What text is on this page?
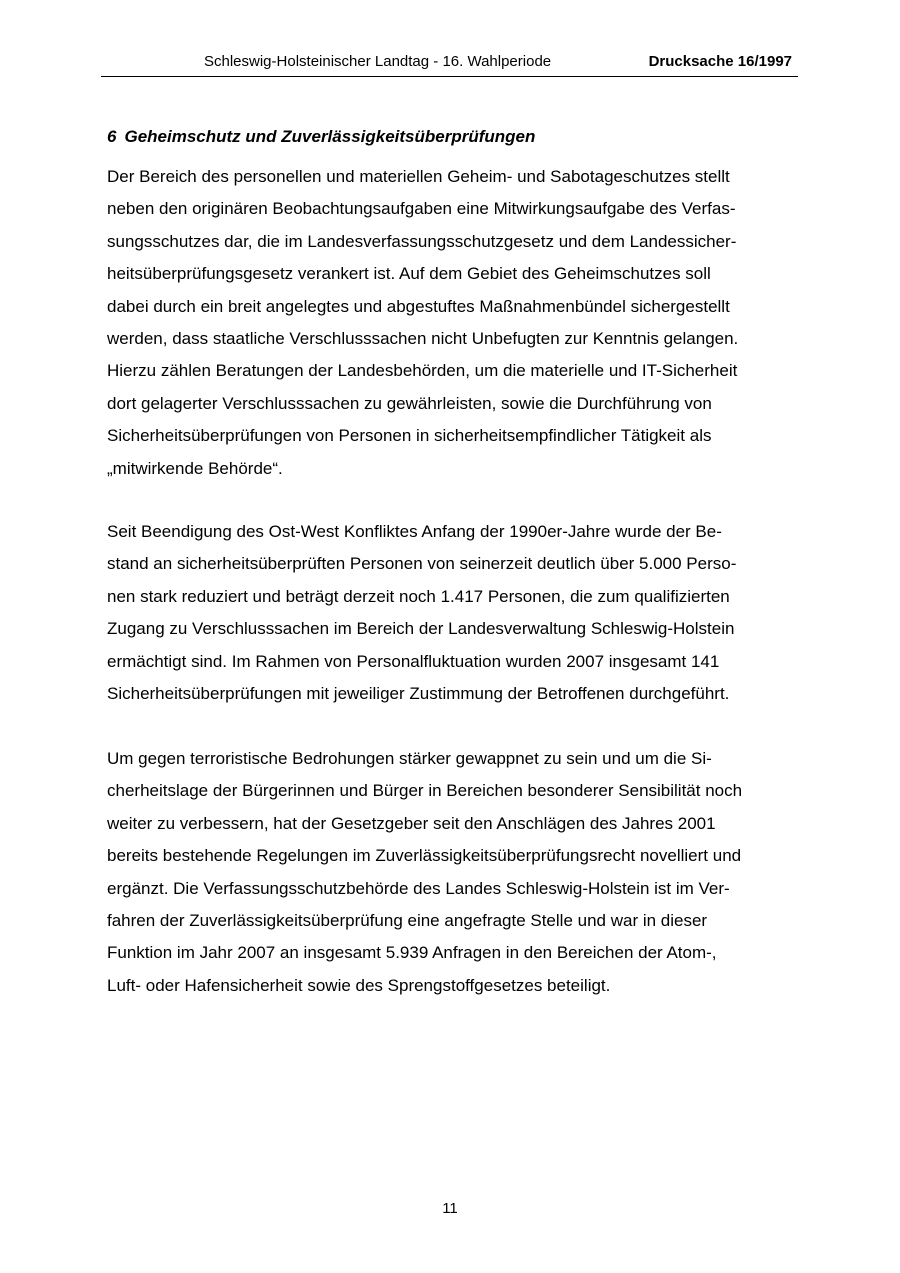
Schleswig-Holsteinischer Landtag - 16. Wahlperiode	Drucksache 16/1997
6 Geheimschutz und Zuverlässigkeitsüberprüfungen
Der Bereich des personellen und materiellen Geheim- und Sabotageschutzes stellt
neben den originären Beobachtungsaufgaben eine Mitwirkungsaufgabe des Verfas-
sungsschutzes dar, die im Landesverfassungsschutzgesetz und dem Landessicher-
heitsüberprüfungsgesetz verankert ist. Auf dem Gebiet des Geheimschutzes soll
dabei durch ein breit angelegtes und abgestuftes Maßnahmenbündel sichergestellt
werden, dass staatliche Verschlusssachen nicht Unbefugten zur Kenntnis gelangen.
Hierzu zählen Beratungen der Landesbehörden, um die materielle und IT-Sicherheit
dort gelagerter Verschlusssachen zu gewährleisten, sowie die Durchführung von
Sicherheitsüberprüfungen von Personen in sicherheitsempfindlicher Tätigkeit als
„mitwirkende Behörde“.
Seit Beendigung des Ost-West Konfliktes Anfang der 1990er-Jahre wurde der Be-
stand an sicherheitsüberprüften Personen von seinerzeit deutlich über 5.000 Perso-
nen stark reduziert und beträgt derzeit noch 1.417 Personen, die zum qualifizierten
Zugang zu Verschlusssachen im Bereich der Landesverwaltung Schleswig-Holstein
ermächtigt sind. Im Rahmen von Personalfluktuation wurden 2007 insgesamt 141
Sicherheitsüberprüfungen mit jeweiliger Zustimmung der Betroffenen durchgeführt.
Um gegen terroristische Bedrohungen stärker gewappnet zu sein und um die Si-
cherheitslage der Bürgerinnen und Bürger in Bereichen besonderer Sensibilität noch
weiter zu verbessern, hat der Gesetzgeber seit den Anschlägen des Jahres 2001
bereits bestehende Regelungen im Zuverlässigkeitsüberprüfungsrecht novelliert und
ergänzt. Die Verfassungsschutzbehörde des Landes Schleswig-Holstein ist im Ver-
fahren der Zuverlässigkeitsüberprüfung eine angefragte Stelle und war in dieser
Funktion im Jahr 2007 an insgesamt 5.939 Anfragen in den Bereichen der Atom-,
Luft- oder Hafensicherheit sowie des Sprengstoffgesetzes beteiligt.
11
